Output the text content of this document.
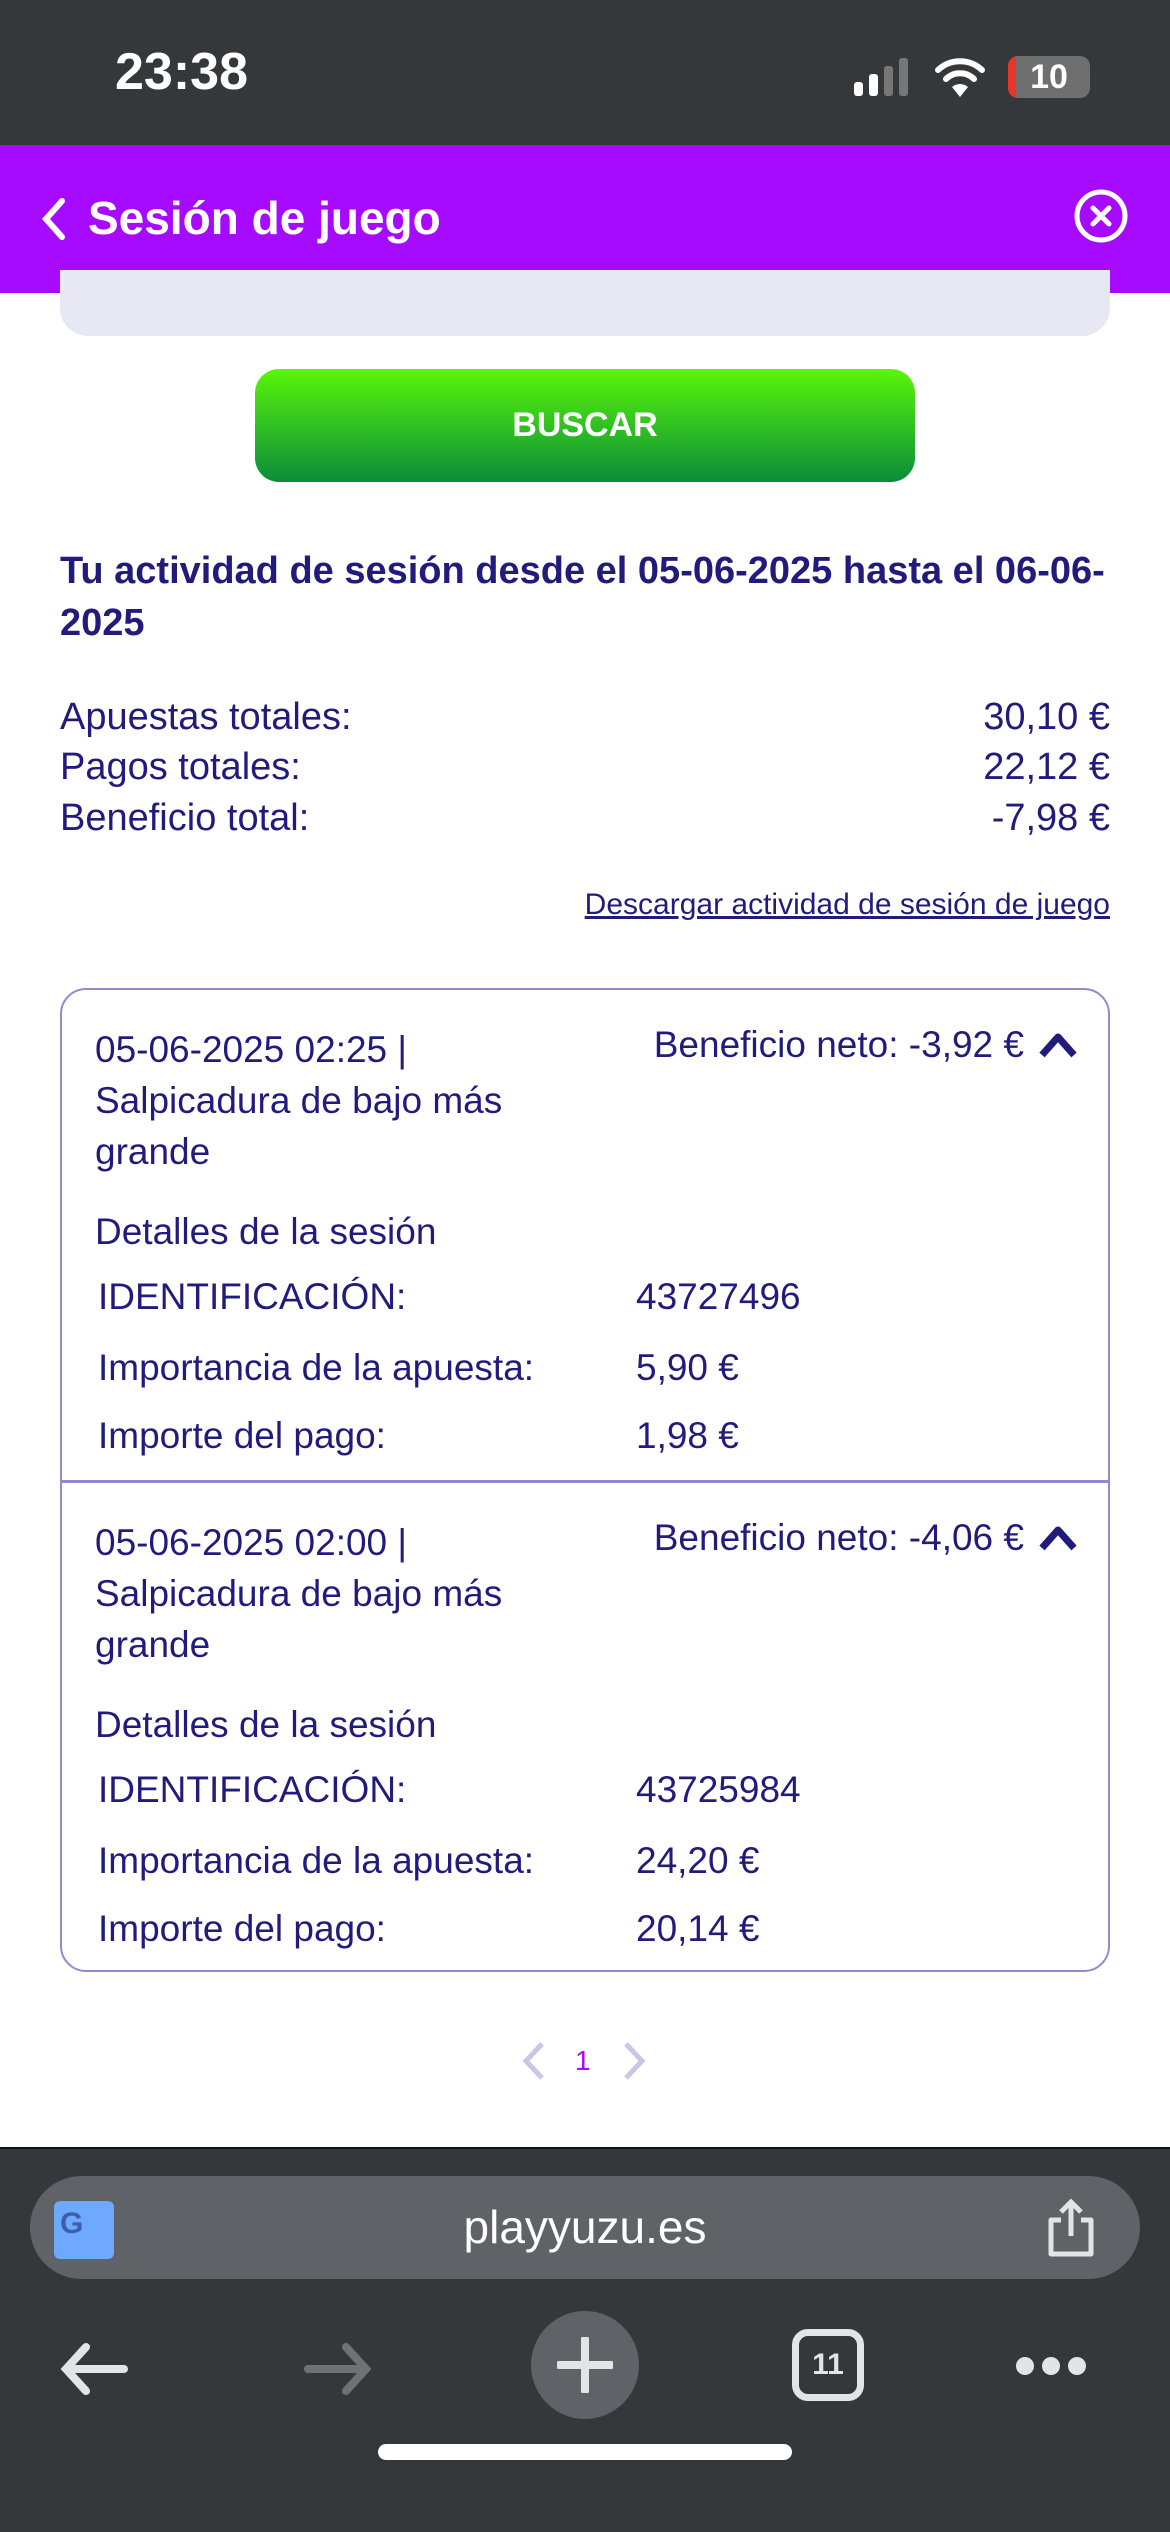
23:38	10
Sesión de juego
BUSCAR
Tu actividad de sesión desde el 05-06-2025 hasta el 06-06-2025
Apuestas totales:	30,10 €
Pagos totales:	22,12 €
Beneficio total:	-7,98 €
Descargar actividad de sesión de juego
05-06-2025 02:25 | Salpicadura de bajo más grande
Beneficio neto: -3,92 €
Detalles de la sesión
IDENTIFICACIÓN:	43727496
Importancia de la apuesta:	5,90 €
Importe del pago:	1,98 €
05-06-2025 02:00 | Salpicadura de bajo más grande
Beneficio neto: -4,06 €
Detalles de la sesión
IDENTIFICACIÓN:	43725984
Importancia de la apuesta:	24,20 €
Importe del pago:	20,14 €
1
G	playyuzu.es
11
